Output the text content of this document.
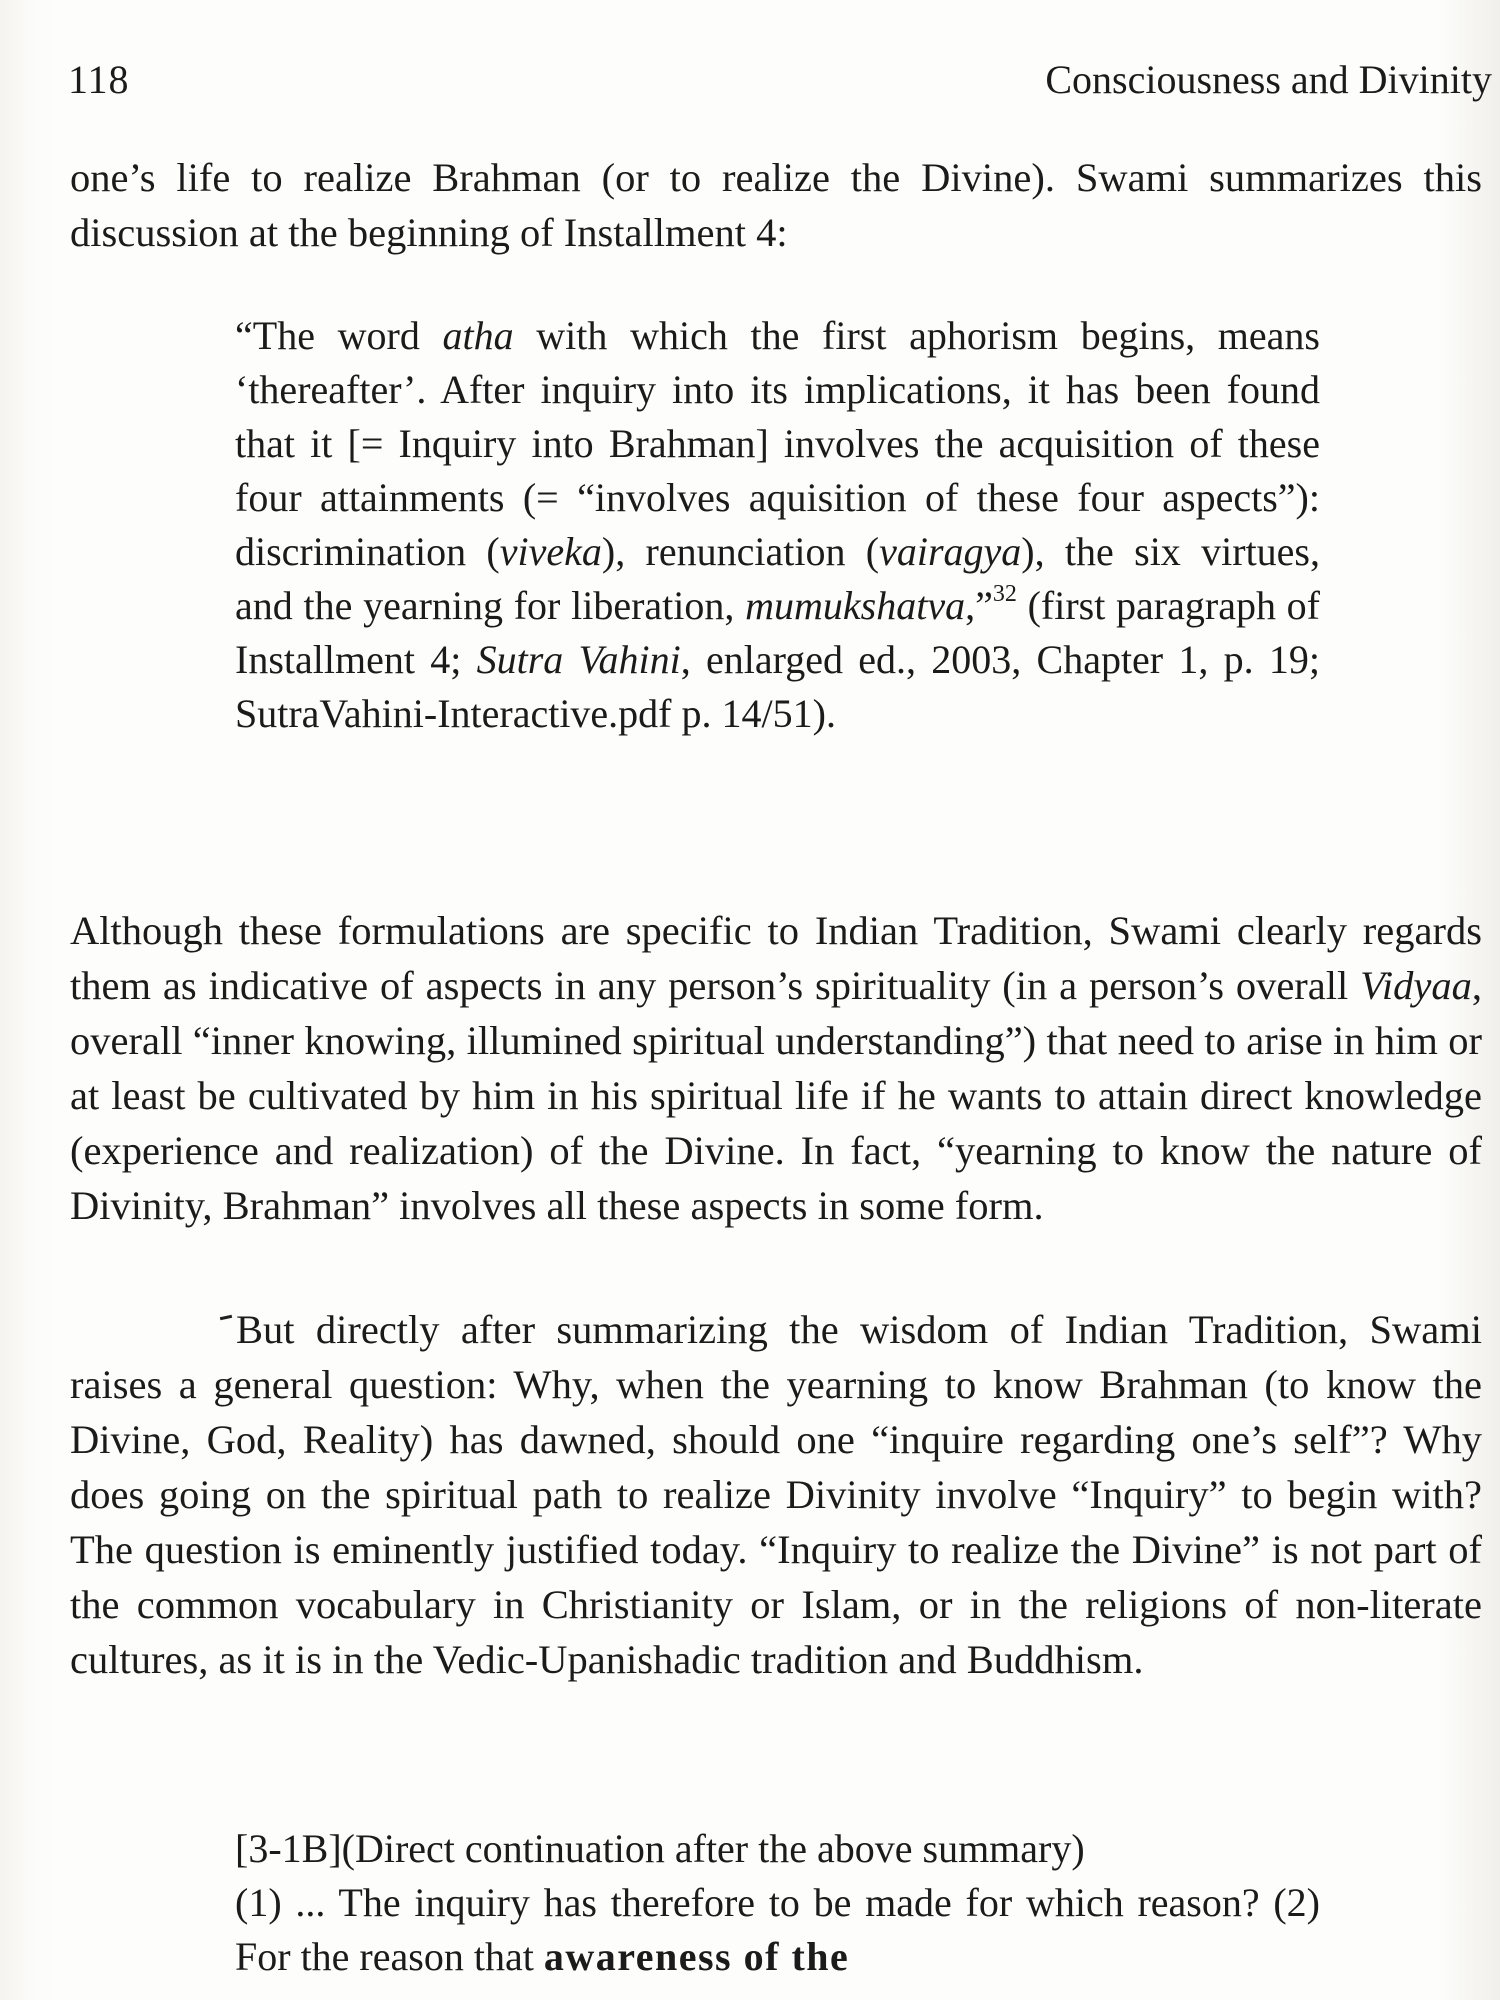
118	Consciousness and Divinity

one’s life to realize Brahman (or to realize the Divine). Swami summarizes this discussion at the beginning of Installment 4:

“The word atha with which the first aphorism begins, means ‘thereafter’. After inquiry into its implications, it has been found that it [= Inquiry into Brahman] involves the acquisition of these four attainments (= “involves aquisition of these four aspects”): discrimination (viveka), renunciation (vairagya), the six virtues, and the yearning for liberation, mumukshatva,”$^{32}$ (first paragraph of Installment 4; Sutra Vahini, enlarged ed., 2003, Chapter 1, p. 19; SutraVahini-Interactive.pdf p. 14/51).

Although these formulations are specific to Indian Tradition, Swami clearly regards them as indicative of aspects in any person’s spirituality (in a person’s overall Vidyaa, overall “inner knowing, illumined spiritual understanding”) that need to arise in him or at least be cultivated by him in his spiritual life if he wants to attain direct knowledge (experience and realization) of the Divine. In fact, “yearning to know the nature of Divinity, Brahman” involves all these aspects in some form.

But directly after summarizing the wisdom of Indian Tradition, Swami raises a general question: Why, when the yearning to know Brahman (to know the Divine, God, Reality) has dawned, should one “inquire regarding one’s self”? Why does going on the spiritual path to realize Divinity involve “Inquiry” to begin with? The question is eminently justified today. “Inquiry to realize the Divine” is not part of the common vocabulary in Christianity or Islam, or in the religions of non-literate cultures, as it is in the Vedic-Upanishadic tradition and Buddhism.

[3-1B](Direct continuation after the above summary)
(1) ... The inquiry has therefore to be made for which reason? (2) For the reason that awareness of the
